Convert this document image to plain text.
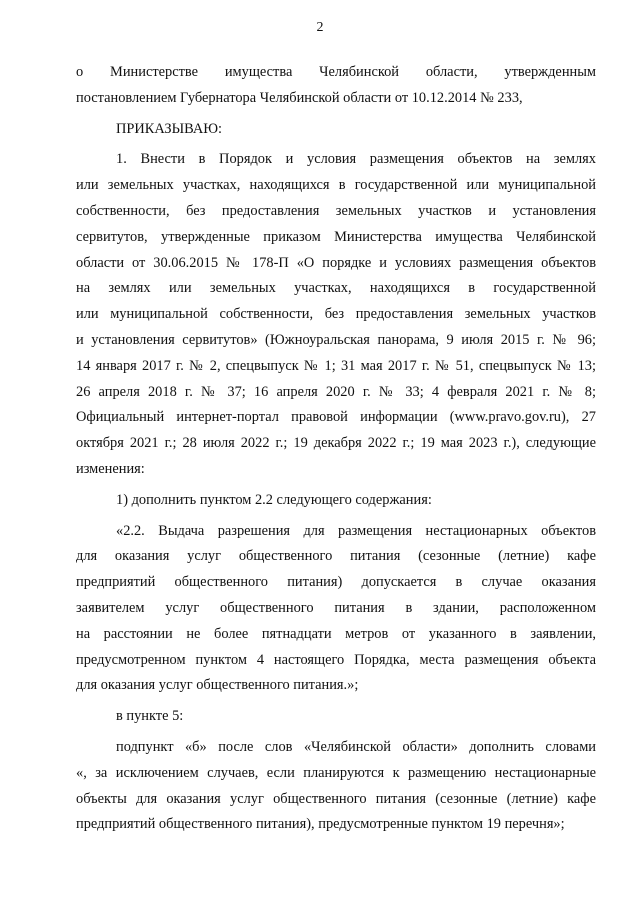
2
о Министерстве имущества Челябинской области, утвержденным
постановлением Губернатора Челябинской области от 10.12.2014 № 233,
ПРИКАЗЫВАЮ:
1. Внести в Порядок и условия размещения объектов на землях
или земельных участках, находящихся в государственной или муниципальной
собственности, без предоставления земельных участков и установления
сервитутов, утвержденные приказом Министерства имущества Челябинской
области от 30.06.2015 № 178-П «О порядке и условиях размещения объектов
на землях или земельных участках, находящихся в государственной
или муниципальной собственности, без предоставления земельных участков
и установления сервитутов» (Южноуральская панорама, 9 июля 2015 г. № 96;
14 января 2017 г. № 2, спецвыпуск № 1; 31 мая 2017 г. № 51, спецвыпуск № 13;
26 апреля 2018 г. № 37; 16 апреля 2020 г. № 33; 4 февраля 2021 г. № 8;
Официальный интернет-портал правовой информации (www.pravo.gov.ru), 27
октября 2021 г.; 28 июля 2022 г.; 19 декабря 2022 г.; 19 мая 2023 г.), следующие
изменения:
1) дополнить пунктом 2.2 следующего содержания:
«2.2. Выдача разрешения для размещения нестационарных объектов
для оказания услуг общественного питания (сезонные (летние) кафе
предприятий общественного питания) допускается в случае оказания
заявителем услуг общественного питания в здании, расположенном
на расстоянии не более пятнадцати метров от указанного в заявлении,
предусмотренном пунктом 4 настоящего Порядка, места размещения объекта
для оказания услуг общественного питания.»;
в пункте 5:
подпункт «б» после слов «Челябинской области» дополнить словами
«, за исключением случаев, если планируются к размещению нестационарные
объекты для оказания услуг общественного питания (сезонные (летние) кафе
предприятий общественного питания), предусмотренные пунктом 19 перечня»;
